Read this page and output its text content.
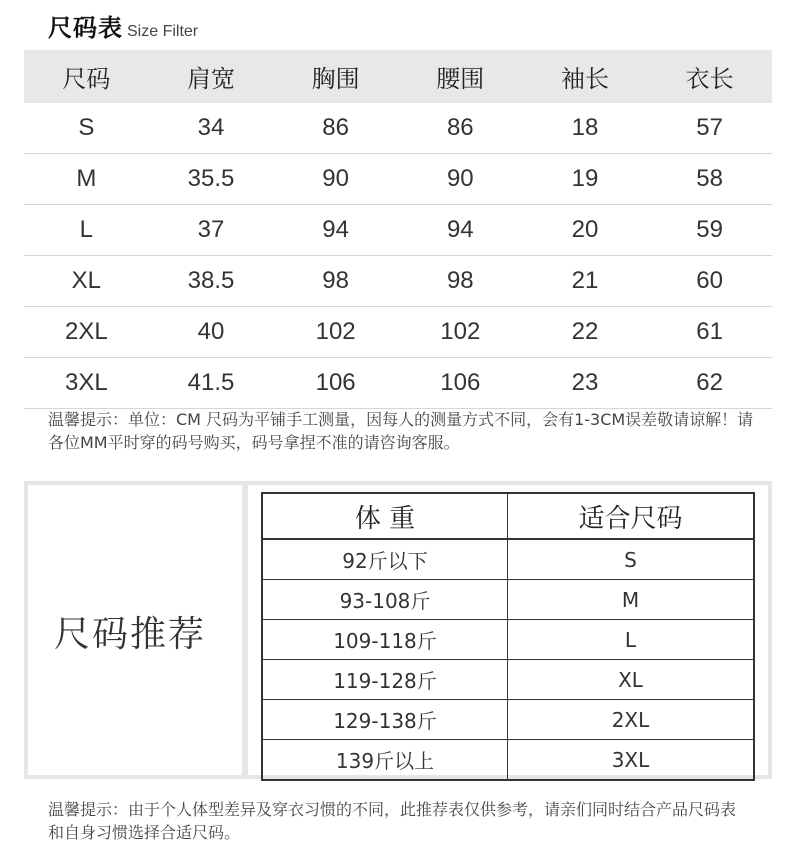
尺码表 Size Filter
尺码	肩宽	胸围	腰围	袖长	衣长
S	34	86	86	18	57
M	35.5	90	90	19	58
L	37	94	94	20	59
XL	38.5	98	98	21	60
2XL	40	102	102	22	61
3XL	41.5	106	106	23	62
温馨提示：单位：CM 尺码为平铺手工测量，因每人的测量方式不同，会有1-3CM误差敬请谅解！请各位MM平时穿的码号购买，码号拿捏不准的请咨询客服。
尺码推荐
体 重	适合尺码
92斤以下	S
93-108斤	M
109-118斤	L
119-128斤	XL
129-138斤	2XL
139斤以上	3XL
温馨提示：由于个人体型差异及穿衣习惯的不同，此推荐表仅供参考，请亲们同时结合产品尺码表和自身习惯选择合适尺码。
